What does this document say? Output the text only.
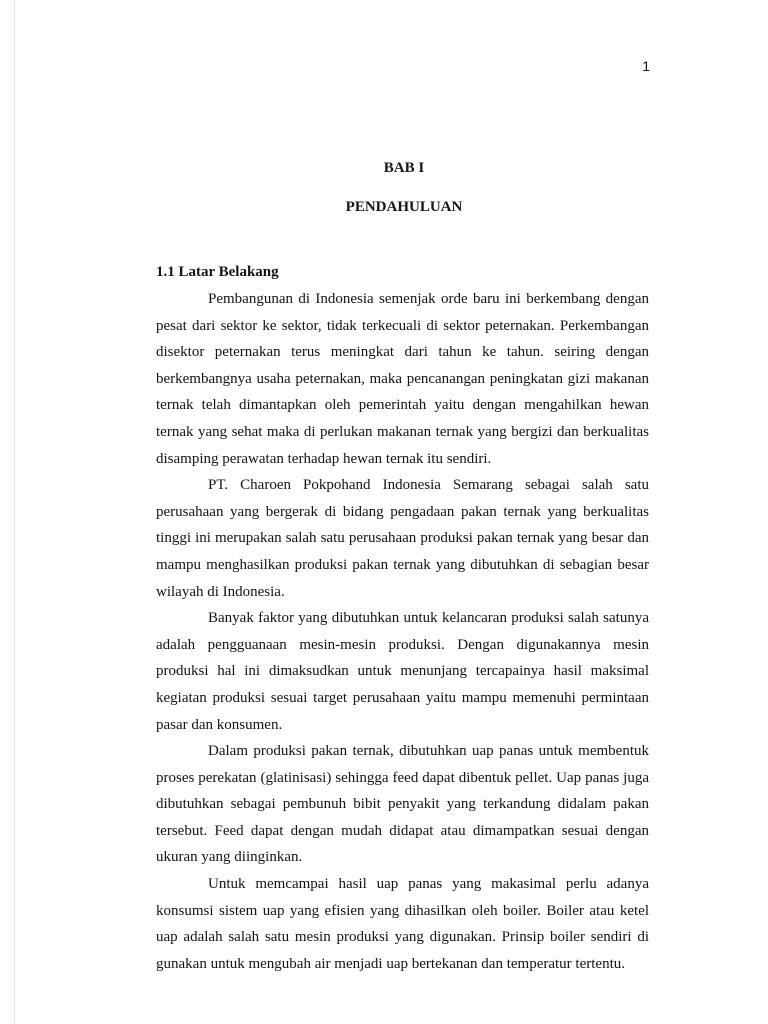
1
BAB I
PENDAHULUAN
1.1 Latar Belakang

Pembangunan di Indonesia semenjak orde baru ini berkembang dengan pesat dari sektor ke sektor, tidak terkecuali di sektor peternakan. Perkembangan disektor peternakan terus meningkat dari tahun ke tahun. seiring dengan berkembangnya usaha peternakan, maka pencanangan peningkatan gizi makanan ternak telah dimantapkan oleh pemerintah yaitu dengan mengahilkan hewan ternak yang sehat maka di perlukan makanan ternak yang bergizi dan berkualitas disamping perawatan terhadap hewan ternak itu sendiri.

PT. Charoen Pokpohand Indonesia Semarang sebagai salah satu perusahaan yang bergerak di bidang pengadaan pakan ternak yang berkualitas tinggi ini merupakan salah satu perusahaan produksi pakan ternak yang besar dan mampu menghasilkan produksi pakan ternak yang dibutuhkan di sebagian besar wilayah di Indonesia.

Banyak faktor yang dibutuhkan untuk kelancaran produksi salah satunya adalah pengguanaan mesin-mesin produksi. Dengan digunakannya mesin produksi hal ini dimaksudkan untuk menunjang tercapainya hasil maksimal kegiatan produksi sesuai target perusahaan yaitu mampu memenuhi permintaan pasar dan konsumen.

Dalam produksi pakan ternak, dibutuhkan uap panas untuk membentuk proses perekatan (glatinisasi) sehingga feed dapat dibentuk pellet. Uap panas juga dibutuhkan sebagai pembunuh bibit penyakit yang terkandung didalam pakan tersebut. Feed dapat dengan mudah didapat atau dimampatkan sesuai dengan ukuran yang diinginkan.

Untuk memcampai hasil uap panas yang makasimal perlu adanya konsumsi sistem uap yang efisien yang dihasilkan oleh boiler. Boiler atau ketel uap adalah salah satu mesin produksi yang digunakan. Prinsip boiler sendiri di gunakan untuk mengubah air menjadi uap bertekanan dan temperatur tertentu.
